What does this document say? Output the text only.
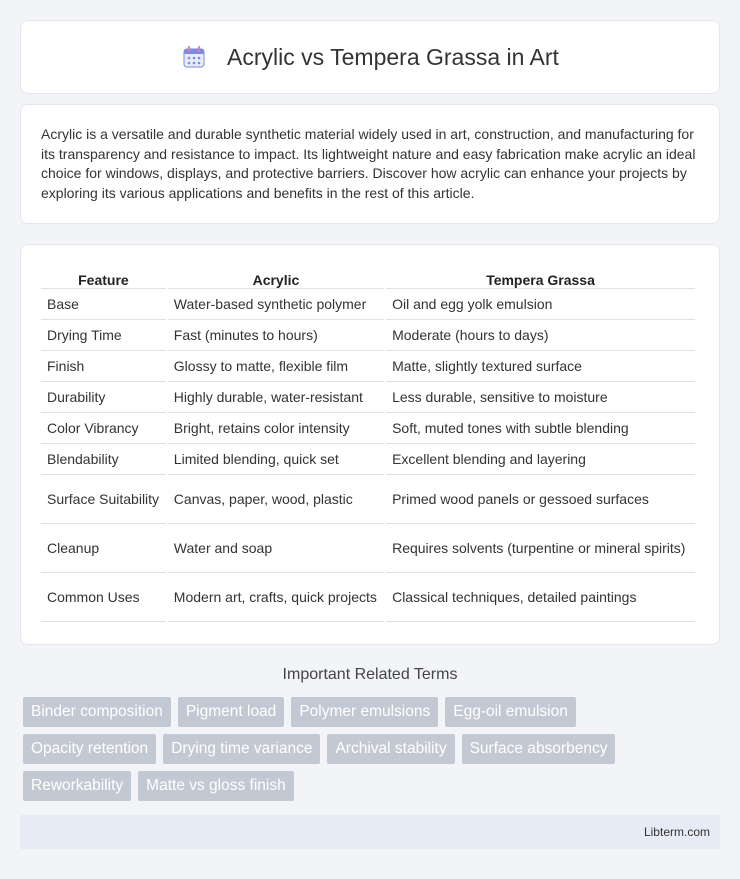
Acrylic vs Tempera Grassa in Art

Acrylic is a versatile and durable synthetic material widely used in art, construction, and manufacturing for its transparency and resistance to impact. Its lightweight nature and easy fabrication make acrylic an ideal choice for windows, displays, and protective barriers. Discover how acrylic can enhance your projects by exploring its various applications and benefits in the rest of this article.

Feature	Acrylic	Tempera Grassa
Base	Water-based synthetic polymer	Oil and egg yolk emulsion
Drying Time	Fast (minutes to hours)	Moderate (hours to days)
Finish	Glossy to matte, flexible film	Matte, slightly textured surface
Durability	Highly durable, water-resistant	Less durable, sensitive to moisture
Color Vibrancy	Bright, retains color intensity	Soft, muted tones with subtle blending
Blendability	Limited blending, quick set	Excellent blending and layering
Surface Suitability	Canvas, paper, wood, plastic	Primed wood panels or gessoed surfaces
Cleanup	Water and soap	Requires solvents (turpentine or mineral spirits)
Common Uses	Modern art, crafts, quick projects	Classical techniques, detailed paintings
Important Related Terms
Binder composition	Pigment load	Polymer emulsions	Egg-oil emulsion
Opacity retention	Drying time variance	Archival stability	Surface absorbency
Reworkability	Matte vs gloss finish
Libterm.com
